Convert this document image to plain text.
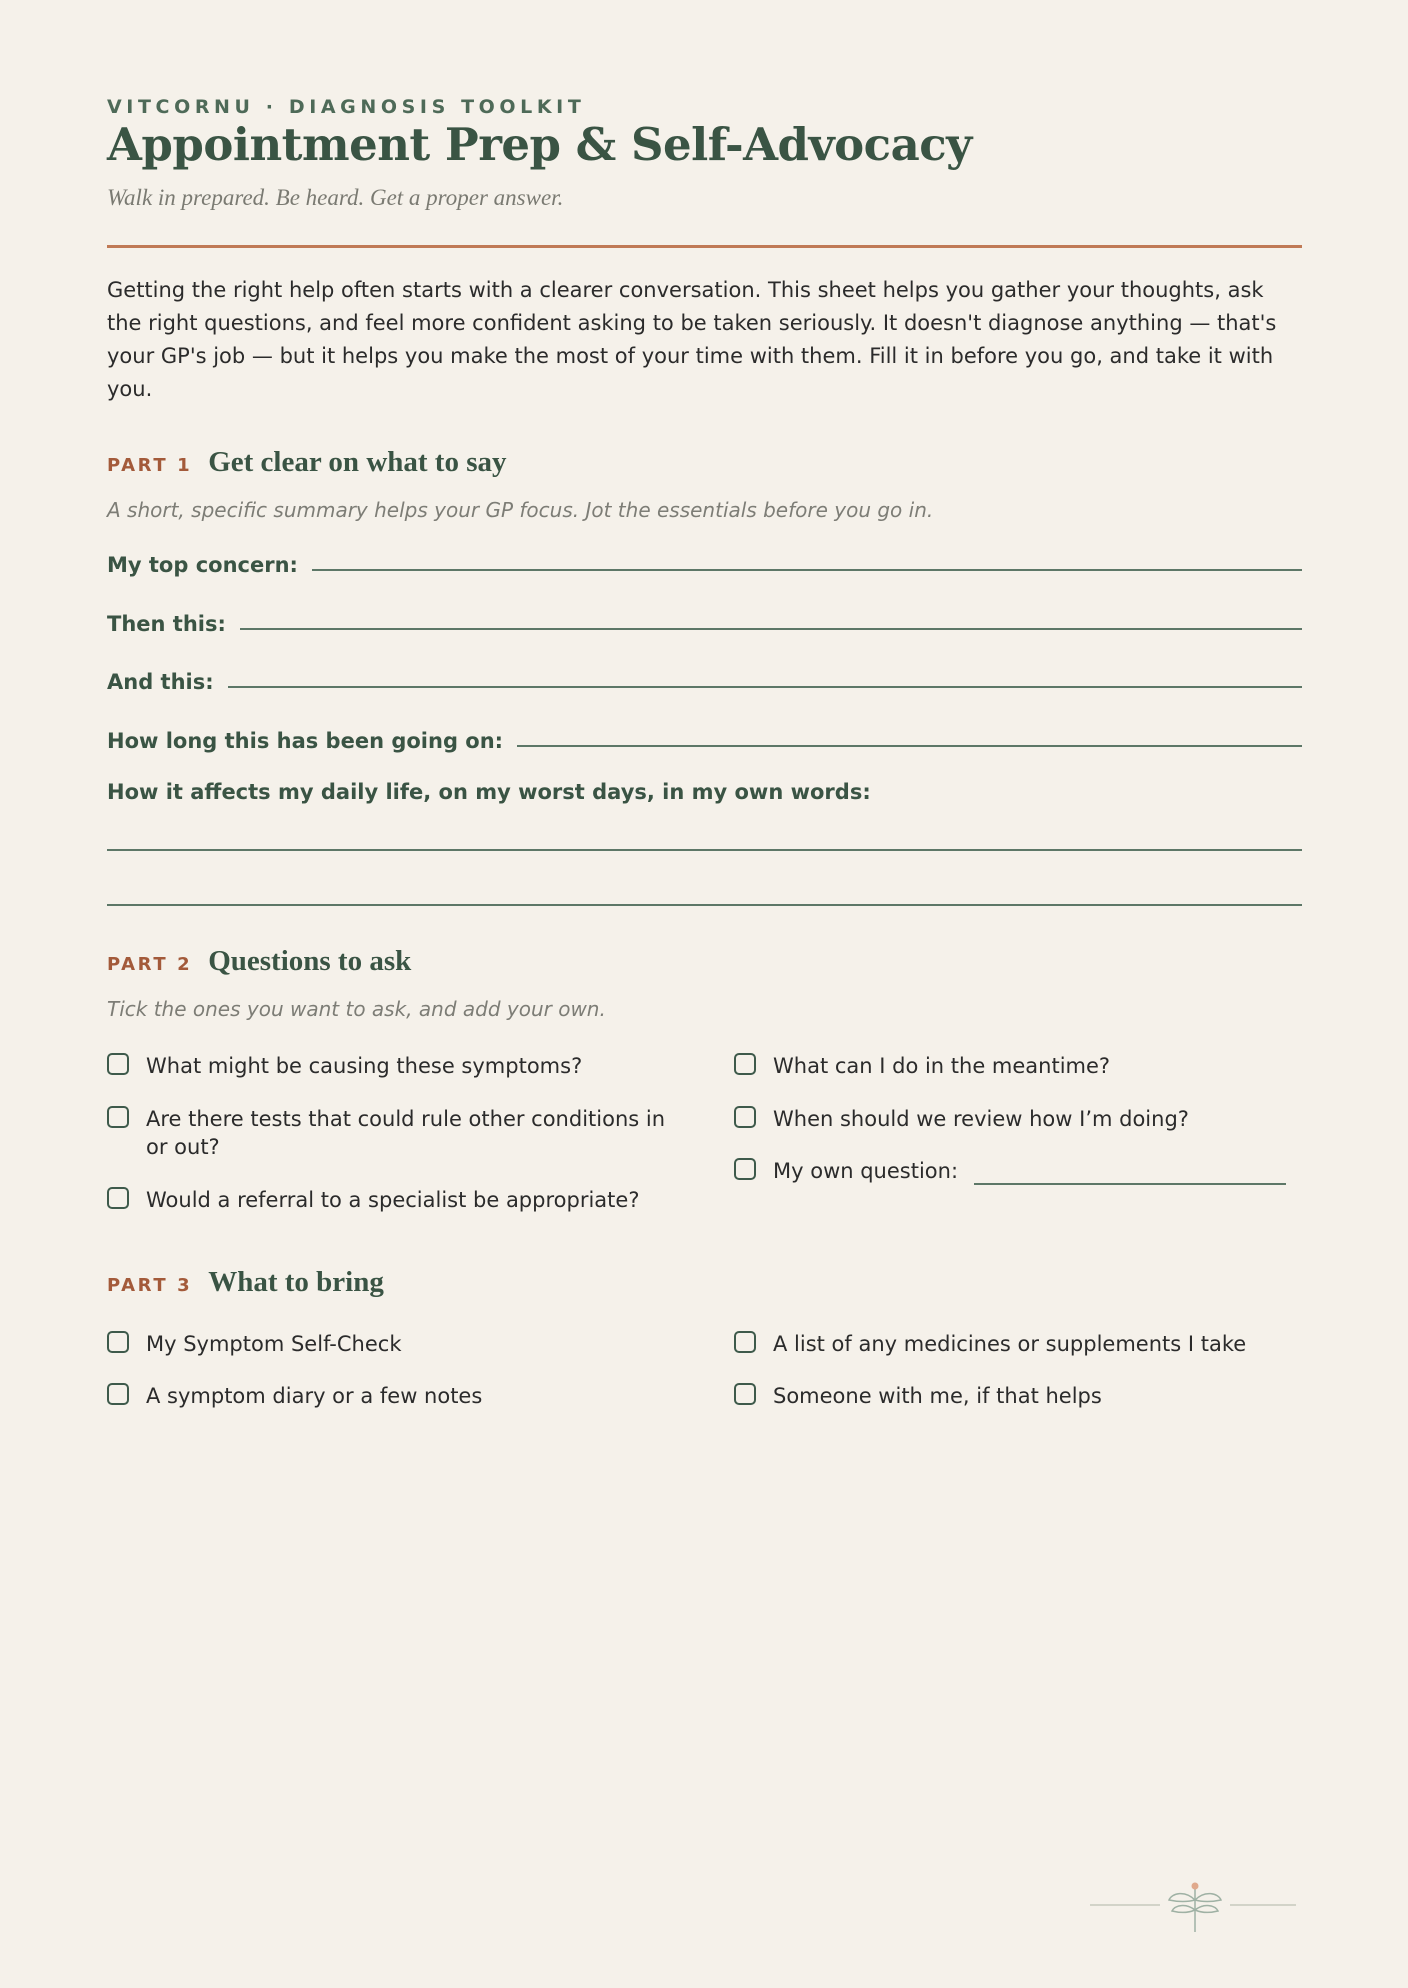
VITCORNU · DIAGNOSIS TOOLKIT
Appointment Prep & Self-Advocacy
Walk in prepared. Be heard. Get a proper answer.
Getting the right help often starts with a clearer conversation. This sheet helps you gather your thoughts, ask the right questions, and feel more confident asking to be taken seriously. It doesn't diagnose anything — that's your GP's job — but it helps you make the most of your time with them. Fill it in before you go, and take it with you.
PART 1 Get clear on what to say
A short, specific summary helps your GP focus. Jot the essentials before you go in.
My top concern:
Then this:
And this:
How long this has been going on:
How it affects my daily life, on my worst days, in my own words:
PART 2 Questions to ask
Tick the ones you want to ask, and add your own.
What might be causing these symptoms?
Are there tests that could rule other conditions in or out?
Would a referral to a specialist be appropriate?
What can I do in the meantime?
When should we review how I’m doing?
My own question:
PART 3 What to bring
My Symptom Self-Check
A symptom diary or a few notes
A list of any medicines or supplements I take
Someone with me, if that helps
